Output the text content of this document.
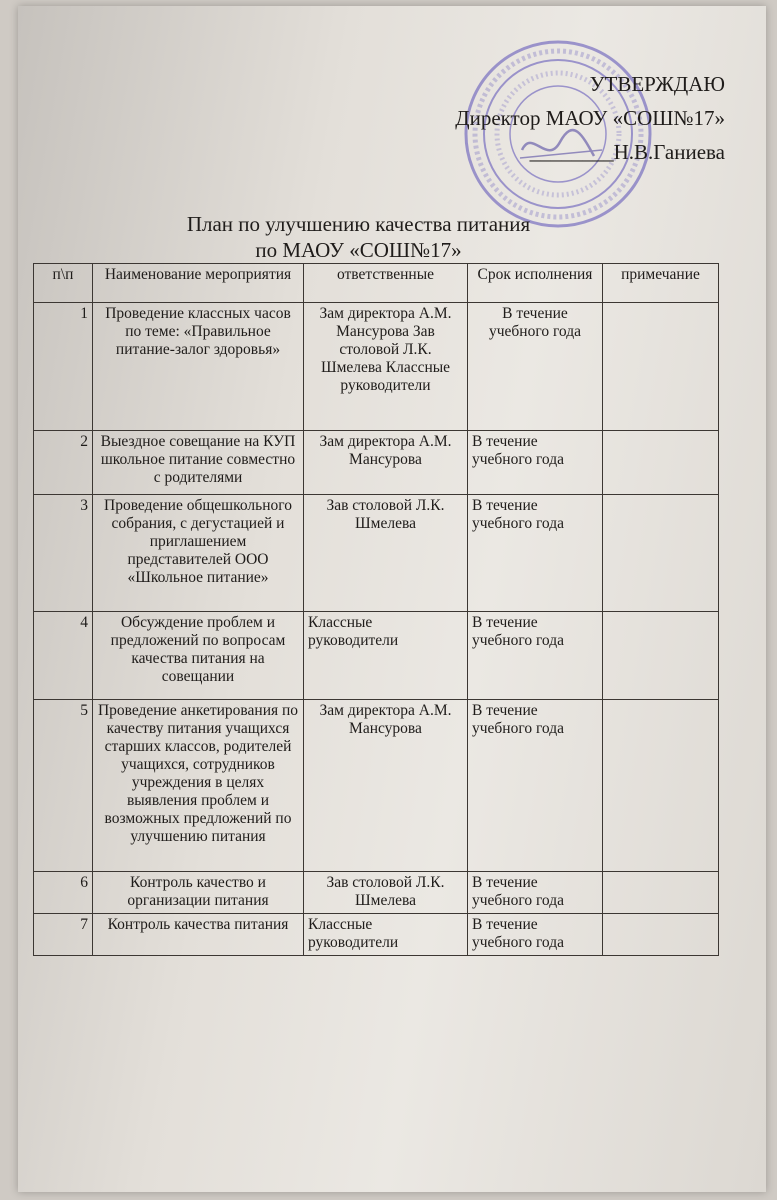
УТВЕРЖДАЮ
Директор МАОУ «СОШ№17»
________Н.В.Ганиева
План по улучшению качества питания
по МАОУ «СОШ№17»
п\п	Наименование мероприятия	ответственные	Срок исполнения	примечание
1	Проведение классных часов по теме: «Правильное питание-залог здоровья»	Зам директора А.М. Мансурова Зав столовой Л.К. Шмелева Классные руководители	В течение учебного года	
2	Выездное совещание на КУП школьное питание совместно с родителями	Зам директора А.М. Мансурова	В течение учебного года	
3	Проведение общешкольного собрания, с дегустацией и приглашением представителей ООО «Школьное питание»	Зав столовой Л.К. Шмелева	В течение учебного года	
4	Обсуждение проблем и предложений по вопросам качества питания на совещании	Классные руководители	В течение учебного года	
5	Проведение анкетирования по качеству питания учащихся старших классов, родителей учащихся, сотрудников учреждения в целях выявления проблем и возможных предложений по улучшению питания	Зам директора А.М. Мансурова	В течение учебного года	
6	Контроль качество и организации питания	Зав столовой Л.К. Шмелева	В течение учебного года	
7	Контроль качества питания	Классные руководители	В течение учебного года	
